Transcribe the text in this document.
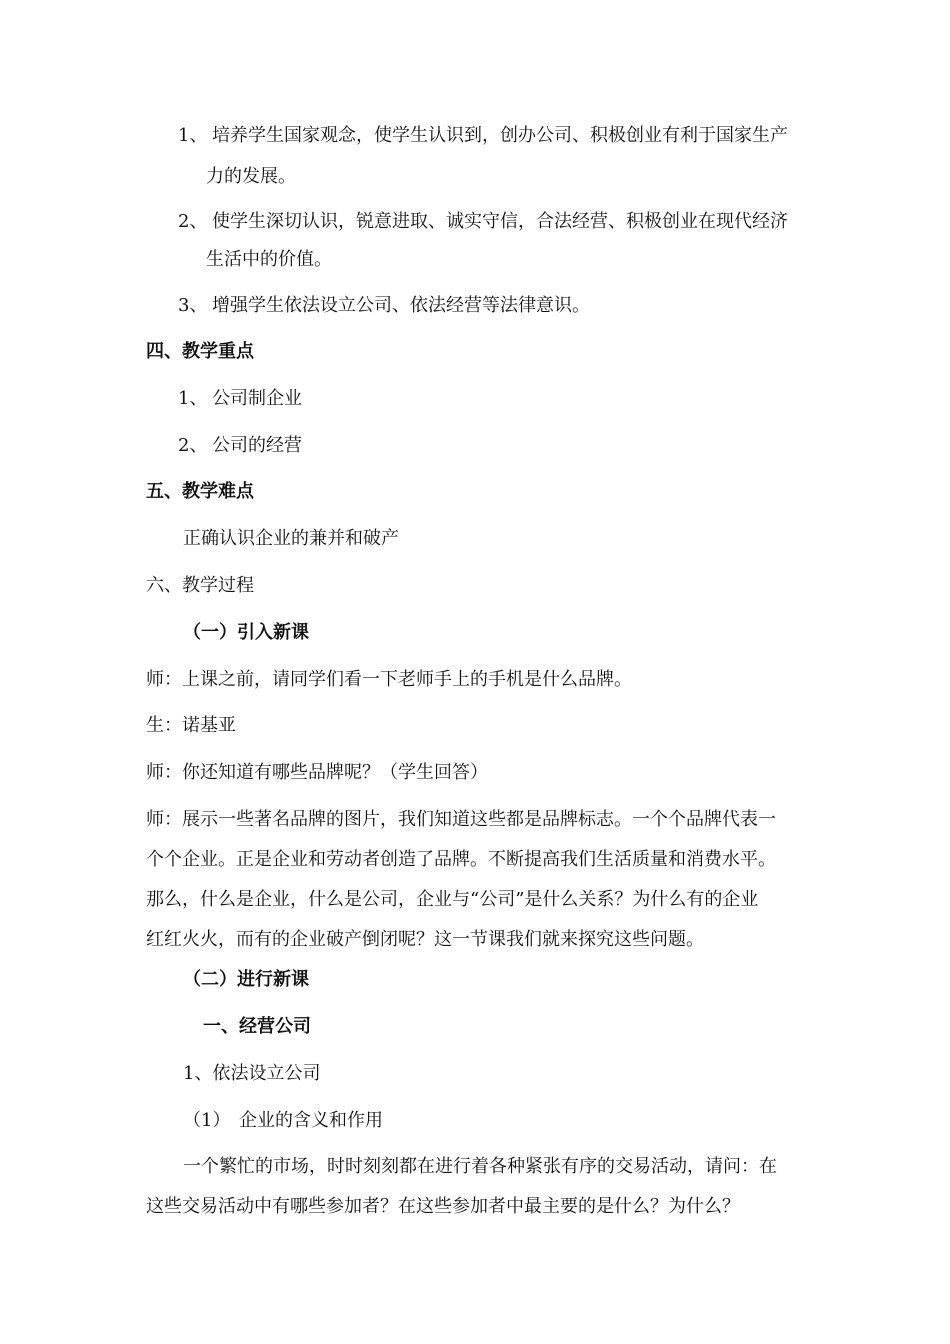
1、 培养学生国家观念，使学生认识到，创办公司、积极创业有利于国家生产
力的发展。
2、 使学生深切认识，锐意进取、诚实守信，合法经营、积极创业在现代经济
生活中的价值。
3、 增强学生依法设立公司、依法经营等法律意识。
四、教学重点
1、 公司制企业
2、 公司的经营
五、教学难点
正确认识企业的兼并和破产
六、教学过程
（一）引入新课
师：上课之前，请同学们看一下老师手上的手机是什么品牌。
生：诺基亚
师：你还知道有哪些品牌呢？（学生回答）
师：展示一些著名品牌的图片，我们知道这些都是品牌标志。一个个品牌代表一
个个企业。正是企业和劳动者创造了品牌。不断提高我们生活质量和消费水平。
那么，什么是企业，什么是公司，企业与“公司”是什么关系？为什么有的企业
红红火火，而有的企业破产倒闭呢？这一节课我们就来探究这些问题。
（二）进行新课
一、经营公司
1、依法设立公司
（1） 企业的含义和作用
一个繁忙的市场，时时刻刻都在进行着各种紧张有序的交易活动，请问：在
这些交易活动中有哪些参加者？在这些参加者中最主要的是什么？为什么？
